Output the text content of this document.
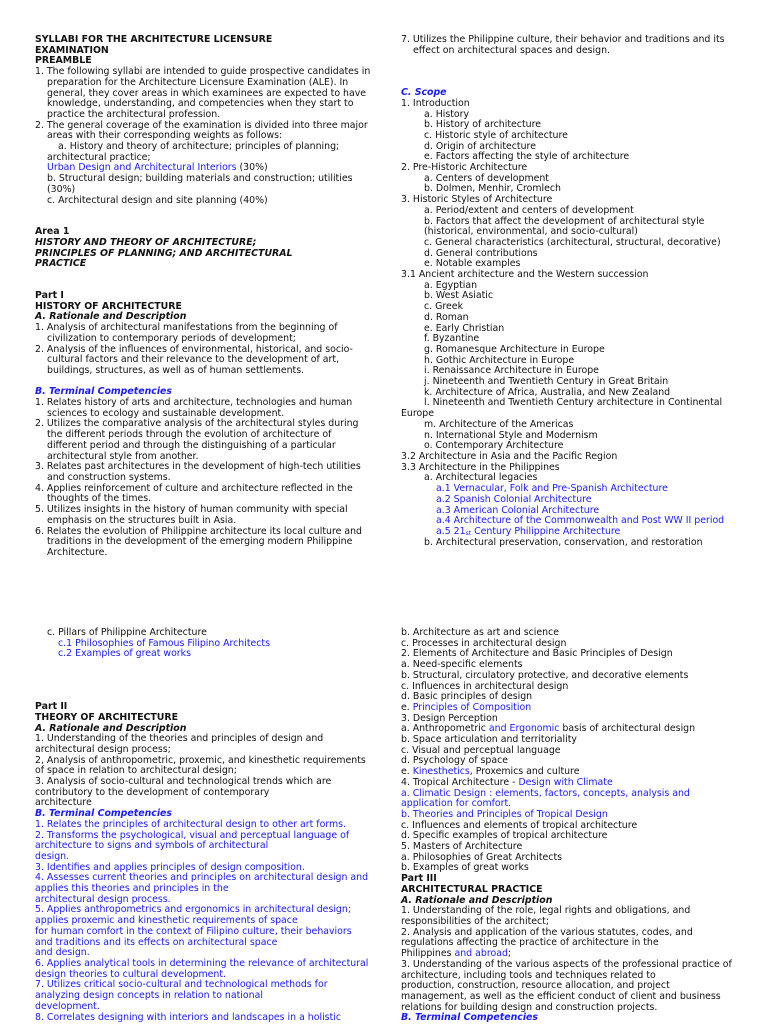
SYLLABI FOR THE ARCHITECTURE LICENSURE
EXAMINATION
PREAMBLE
1. The following syllabi are intended to guide prospective candidates in
preparation for the Architecture Licensure Examination (ALE). In
general, they cover areas in which examinees are expected to have
knowledge, understanding, and competencies when they start to
practice the architectural profession.
2. The general coverage of the examination is divided into three major
areas with their corresponding weights as follows:
a. History and theory of architecture; principles of planning;
architectural practice;
Urban Design and Architectural Interiors (30%)
b. Structural design; building materials and construction; utilities
(30%)
c. Architectural design and site planning (40%)
Area 1
HISTORY AND THEORY OF ARCHITECTURE;
PRINCIPLES OF PLANNING; AND ARCHITECTURAL
PRACTICE
Part I
HISTORY OF ARCHITECTURE
A. Rationale and Description
1. Analysis of architectural manifestations from the beginning of
civilization to contemporary periods of development;
2. Analysis of the influences of environmental, historical, and socio-
cultural factors and their relevance to the development of art,
buildings, structures, as well as of human settlements.
B. Terminal Competencies
1. Relates history of arts and architecture, technologies and human
sciences to ecology and sustainable development.
2. Utilizes the comparative analysis of the architectural styles during
the different periods through the evolution of architecture of
different period and through the distinguishing of a particular
architectural style from another.
3. Relates past architectures in the development of high-tech utilities
and construction systems.
4. Applies reinforcement of culture and architecture reflected in the
thoughts of the times.
5. Utilizes insights in the history of human community with special
emphasis on the structures built in Asia.
6. Relates the evolution of Philippine architecture its local culture and
traditions in the development of the emerging modern Philippine
Architecture.
7. Utilizes the Philippine culture, their behavior and traditions and its
effect on architectural spaces and design.
C. Scope
1. Introduction
a. History
b. History of architecture
c. Historic style of architecture
d. Origin of architecture
e. Factors affecting the style of architecture
2. Pre-Historic Architecture
a. Centers of development
b. Dolmen, Menhir, Cromlech
3. Historic Styles of Architecture
a. Period/extent and centers of development
b. Factors that affect the development of architectural style
(historical, environmental, and socio-cultural)
c. General characteristics (architectural, structural, decorative)
d. General contributions
e. Notable examples
3.1 Ancient architecture and the Western succession
a. Egyptian
b. West Asiatic
c. Greek
d. Roman
e. Early Christian
f. Byzantine
g. Romanesque Architecture in Europe
h. Gothic Architecture in Europe
i. Renaissance Architecture in Europe
j. Nineteenth and Twentieth Century in Great Britain
k. Architecture of Africa, Australia, and New Zealand
l. Nineteenth and Twentieth Century architecture in Continental
Europe
m. Architecture of the Americas
n. International Style and Modernism
o. Contemporary Architecture
3.2 Architecture in Asia and the Pacific Region
3.3 Architecture in the Philippines
a. Architectural legacies
a.1 Vernacular, Folk and Pre-Spanish Architecture
a.2 Spanish Colonial Architecture
a.3 American Colonial Architecture
a.4 Architecture of the Commonwealth and Post WW II period
a.5 $21_{st}$ Century Philippine Architecture
b. Architectural preservation, conservation, and restoration
c. Pillars of Philippine Architecture
c.1 Philosophies of Famous Filipino Architects
c.2 Examples of great works
Part II
THEORY OF ARCHITECTURE
A. Rationale and Description
1. Understanding of the theories and principles of design and
architectural design process;
2, Analysis of anthropometric, proxemic, and kinesthetic requirements
of space in relation to architectural design;
3. Analysis of socio-cultural and technological trends which are
contributory to the development of contemporary
architecture
B. Terminal Competencies
1. Relates the principles of architectural design to other art forms.
2. Transforms the psychological, visual and perceptual language of
architecture to signs and symbols of architectural
design.
3. Identifies and applies principles of design composition.
4. Assesses current theories and principles on architectural design and
applies this theories and principles in the
architectural design process.
5. Applies anthropometrics and ergonomics in architectural design;
applies proxemic and kinesthetic requirements of space
for human comfort in the context of Filipino culture, their behaviors
and traditions and its effects on architectural space
and design.
6. Applies analytical tools in determining the relevance of architectural
design theories to cultural development.
7. Utilizes critical socio-cultural and technological methods for
analyzing design concepts in relation to national
development.
8. Correlates designing with interiors and landscapes in a holistic
b. Architecture as art and science
c. Processes in architectural design
2. Elements of Architecture and Basic Principles of Design
a. Need-specific elements
b. Structural, circulatory protective, and decorative elements
c. Influences in architectural design
d. Basic principles of design
e. Principles of Composition
3. Design Perception
a. Anthropometric and Ergonomic basis of architectural design
b. Space articulation and territoriality
c. Visual and perceptual language
d. Psychology of space
e. Kinesthetics, Proxemics and culture
4. Tropical Architecture - Design with Climate
a. Climatic Design : elements, factors, concepts, analysis and
application for comfort.
b. Theories and Principles of Tropical Design
c. Influences and elements of tropical architecture
d. Specific examples of tropical architecture
5. Masters of Architecture
a. Philosophies of Great Architects
b. Examples of great works
Part III
ARCHITECTURAL PRACTICE
A. Rationale and Description
1. Understanding of the role, legal rights and obligations, and
responsibilities of the architect;
2. Analysis and application of the various statutes, codes, and
regulations affecting the practice of architecture in the
Philippines and abroad;
3. Understanding of the various aspects of the professional practice of
architecture, including tools and techniques related to
production, construction, resource allocation, and project
management, as well as the efficient conduct of client and business
relations for building design and construction projects.
B. Terminal Competencies
